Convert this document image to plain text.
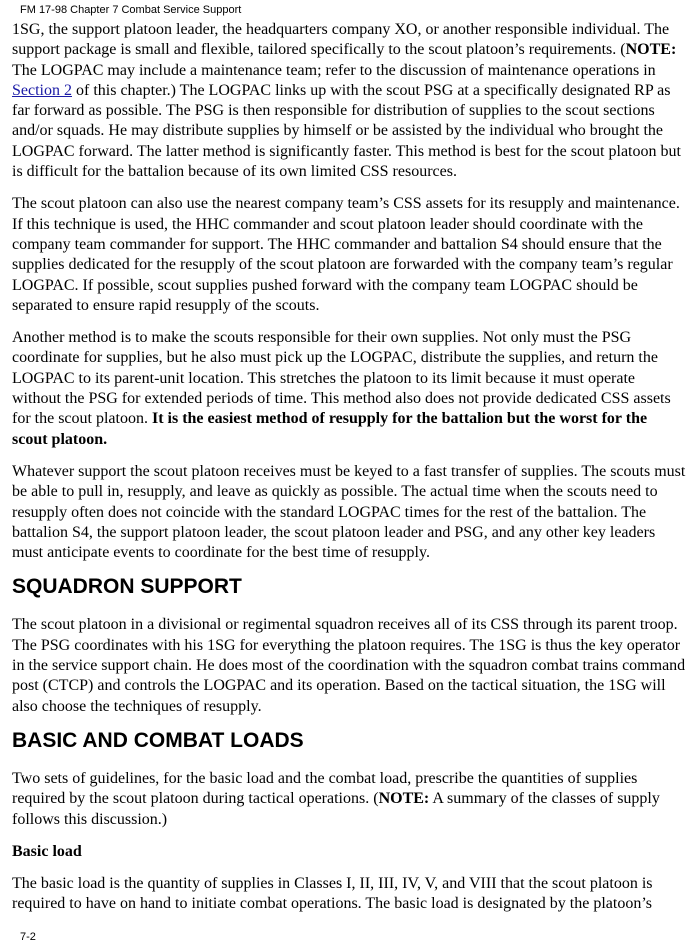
FM 17-98 Chapter 7 Combat Service Support

1SG, the support platoon leader, the headquarters company XO, or another responsible individual. The support package is small and flexible, tailored specifically to the scout platoon’s requirements. (NOTE: The LOGPAC may include a maintenance team; refer to the discussion of maintenance operations in Section 2 of this chapter.) The LOGPAC links up with the scout PSG at a specifically designated RP as far forward as possible. The PSG is then responsible for distribution of supplies to the scout sections and/or squads. He may distribute supplies by himself or be assisted by the individual who brought the LOGPAC forward. The latter method is significantly faster. This method is best for the scout platoon but is difficult for the battalion because of its own limited CSS resources.

The scout platoon can also use the nearest company team’s CSS assets for its resupply and maintenance. If this technique is used, the HHC commander and scout platoon leader should coordinate with the company team commander for support. The HHC commander and battalion S4 should ensure that the supplies dedicated for the resupply of the scout platoon are forwarded with the company team’s regular LOGPAC. If possible, scout supplies pushed forward with the company team LOGPAC should be separated to ensure rapid resupply of the scouts.

Another method is to make the scouts responsible for their own supplies. Not only must the PSG coordinate for supplies, but he also must pick up the LOGPAC, distribute the supplies, and return the LOGPAC to its parent-unit location. This stretches the platoon to its limit because it must operate without the PSG for extended periods of time. This method also does not provide dedicated CSS assets for the scout platoon. It is the easiest method of resupply for the battalion but the worst for the scout platoon.

Whatever support the scout platoon receives must be keyed to a fast transfer of supplies. The scouts must be able to pull in, resupply, and leave as quickly as possible. The actual time when the scouts need to resupply often does not coincide with the standard LOGPAC times for the rest of the battalion. The battalion S4, the support platoon leader, the scout platoon leader and PSG, and any other key leaders must anticipate events to coordinate for the best time of resupply.

SQUADRON SUPPORT

The scout platoon in a divisional or regimental squadron receives all of its CSS through its parent troop. The PSG coordinates with his 1SG for everything the platoon requires. The 1SG is thus the key operator in the service support chain. He does most of the coordination with the squadron combat trains command post (CTCP) and controls the LOGPAC and its operation. Based on the tactical situation, the 1SG will also choose the techniques of resupply.

BASIC AND COMBAT LOADS

Two sets of guidelines, for the basic load and the combat load, prescribe the quantities of supplies required by the scout platoon during tactical operations. (NOTE: A summary of the classes of supply follows this discussion.)

Basic load

The basic load is the quantity of supplies in Classes I, II, III, IV, V, and VIII that the scout platoon is required to have on hand to initiate combat operations. The basic load is designated by the platoon’s

7-2
